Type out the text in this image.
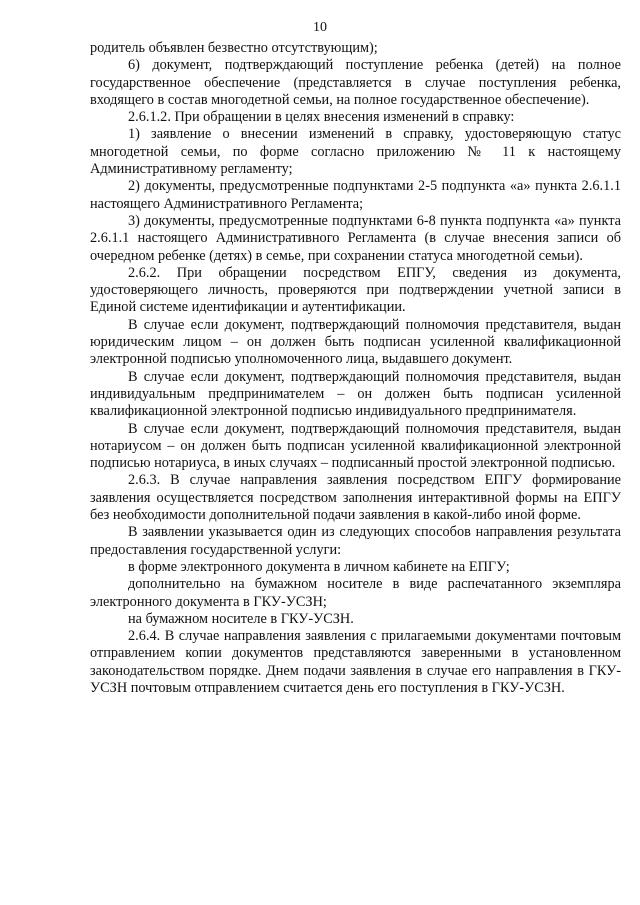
10

родитель объявлен безвестно отсутствующим);

6) документ, подтверждающий поступление ребенка (детей) на полное государственное обеспечение (представляется в случае поступления ребенка, входящего в состав многодетной семьи, на полное государственное обеспечение).

2.6.1.2. При обращении в целях внесения изменений в справку:

1) заявление о внесении изменений в справку, удостоверяющую статус многодетной семьи, по форме согласно приложению № 11 к настоящему Административному регламенту;

2) документы, предусмотренные подпунктами 2-5 подпункта «а» пункта 2.6.1.1 настоящего Административного Регламента;

3) документы, предусмотренные подпунктами 6-8 пункта подпункта «а» пункта 2.6.1.1 настоящего Административного Регламента (в случае внесения записи об очередном ребенке (детях) в семье, при сохранении статуса многодетной семьи).

2.6.2. При обращении посредством ЕПГУ, сведения из документа, удостоверяющего личность, проверяются при подтверждении учетной записи в Единой системе идентификации и аутентификации.

В случае если документ, подтверждающий полномочия представителя, выдан юридическим лицом – он должен быть подписан усиленной квалификационной электронной подписью уполномоченного лица, выдавшего документ.

В случае если документ, подтверждающий полномочия представителя, выдан индивидуальным предпринимателем – он должен быть подписан усиленной квалификационной электронной подписью индивидуального предпринимателя.

В случае если документ, подтверждающий полномочия представителя, выдан нотариусом – он должен быть подписан усиленной квалификационной электронной подписью нотариуса, в иных случаях – подписанный простой электронной подписью.

2.6.3. В случае направления заявления посредством ЕПГУ формирование заявления осуществляется посредством заполнения интерактивной формы на ЕПГУ без необходимости дополнительной подачи заявления в какой-либо иной форме.

В заявлении указывается один из следующих способов направления результата предоставления государственной услуги:

в форме электронного документа в личном кабинете на ЕПГУ;

дополнительно на бумажном носителе в виде распечатанного экземпляра электронного документа в ГКУ-УСЗН;

на бумажном носителе в ГКУ-УСЗН.

2.6.4. В случае направления заявления с прилагаемыми документами почтовым отправлением копии документов представляются заверенными в установленном законодательством порядке. Днем подачи заявления в случае его направления в ГКУ-УСЗН почтовым отправлением считается день его поступления в ГКУ-УСЗН.
